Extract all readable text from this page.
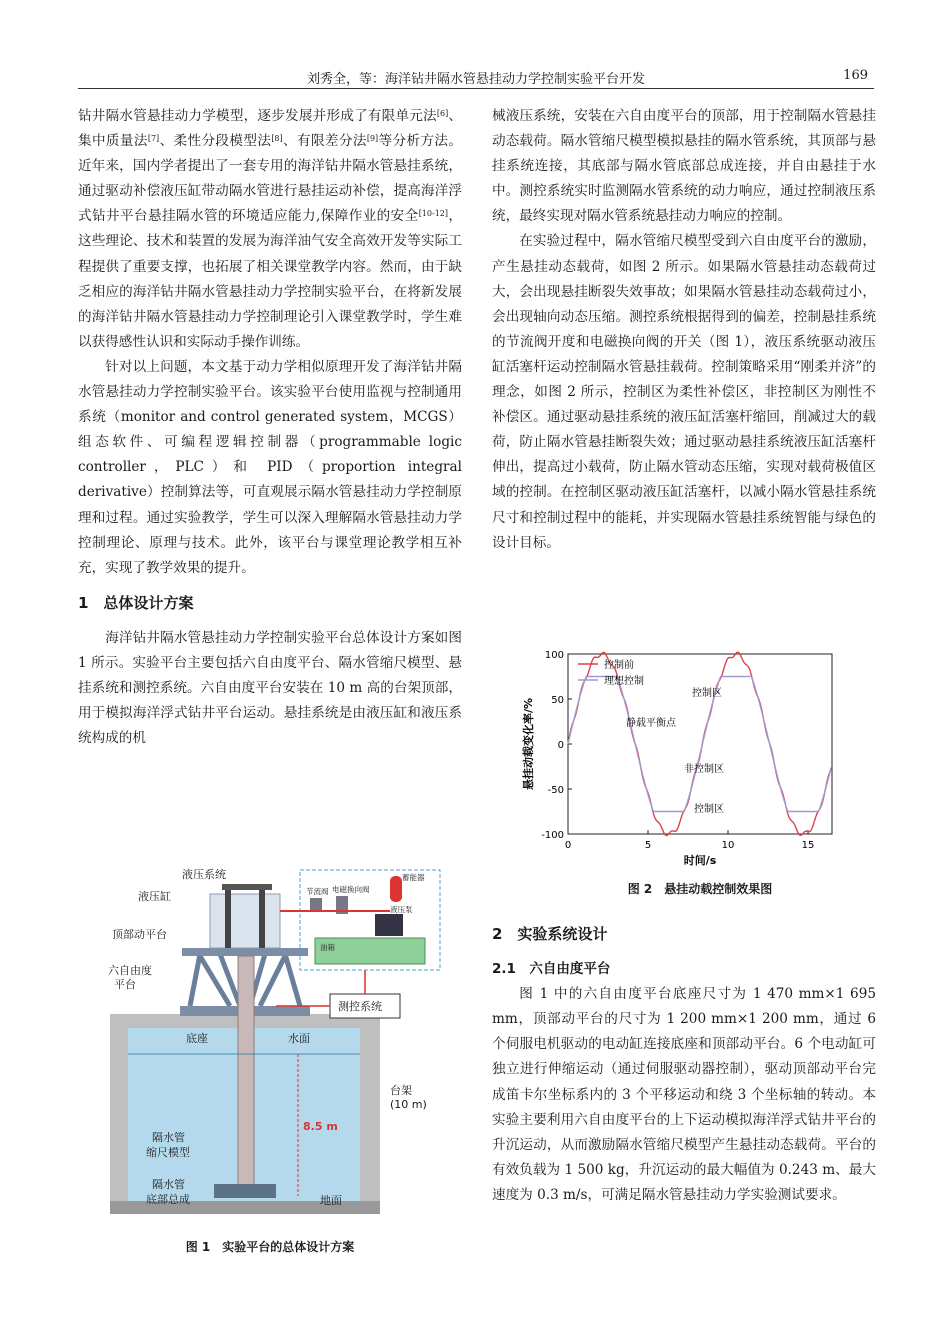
刘秀全，等：海洋钻井隔水管悬挂动力学控制实验平台开发	169

钻井隔水管悬挂动力学模型，逐步发展并形成了有限单元法[6]、集中质量法[7]、柔性分段模型法[8]、有限差分法[9]等分析方法。近年来，国内学者提出了一套专用的海洋钻井隔水管悬挂系统，通过驱动补偿液压缸带动隔水管进行悬挂运动补偿，提高海洋浮式钻井平台悬挂隔水管的环境适应能力,保障作业的安全[10-12]，这些理论、技术和装置的发展为海洋油气安全高效开发等实际工程提供了重要支撑，也拓展了相关课堂教学内容。然而，由于缺乏相应的海洋钻井隔水管悬挂动力学控制实验平台，在将新发展的海洋钻井隔水管悬挂动力学控制理论引入课堂教学时，学生难以获得感性认识和实际动手操作训练。

针对以上问题，本文基于动力学相似原理开发了海洋钻井隔水管悬挂动力学控制实验平台。该实验平台使用监视与控制通用系统（monitor and control generated system，MCGS）组态软件、可编程逻辑控制器（programmable logic controller，PLC）和 PID（proportion integral derivative）控制算法等，可直观展示隔水管悬挂动力学控制原理和过程。通过实验教学，学生可以深入理解隔水管悬挂动力学控制理论、原理与技术。此外，该平台与课堂理论教学相互补充，实现了教学效果的提升。

1　总体设计方案

海洋钻井隔水管悬挂动力学控制实验平台总体设计方案如图 1 所示。实验平台主要包括六自由度平台、隔水管缩尺模型、悬挂系统和测控系统。六自由度平台安装在 10 m 高的台架顶部，用于模拟海洋浮式钻井平台运动。悬挂系统是由液压缸和液压系统构成的机

械液压系统，安装在六自由度平台的顶部，用于控制隔水管悬挂动态载荷。隔水管缩尺模型模拟悬挂的隔水管系统，其顶部与悬挂系统连接，其底部与隔水管底部总成连接，并自由悬挂于水中。测控系统实时监测隔水管系统的动力响应，通过控制液压系统，最终实现对隔水管系统悬挂动力响应的控制。

在实验过程中，隔水管缩尺模型受到六自由度平台的激励，产生悬挂动态载荷，如图 2 所示。如果隔水管悬挂动态载荷过大，会出现悬挂断裂失效事故；如果隔水管悬挂动态载荷过小，会出现轴向动态压缩。测控系统根据得到的偏差，控制悬挂系统的节流阀开度和电磁换向阀的开关（图 1），液压系统驱动液压缸活塞杆运动控制隔水管悬挂载荷。控制策略采用“刚柔并济”的理念，如图 2 所示，控制区为柔性补偿区，非控制区为刚性不补偿区。通过驱动悬挂系统的液压缸活塞杆缩回，削减过大的载荷，防止隔水管悬挂断裂失效；通过驱动悬挂系统液压缸活塞杆伸出，提高过小载荷，防止隔水管动态压缩，实现对载荷极值区域的控制。在控制区驱动液压缸活塞杆，以减小隔水管悬挂系统尺寸和控制过程中的能耗，并实现隔水管悬挂系统智能与绿色的设计目标。

0	5	10	15
-100
-50
0
50
100
时间/s
悬挂动载变化率/%
控制前
理想控制
控制区
静载平衡点
非控制区
控制区
图 2　悬挂动载控制效果图

2　实验系统设计

2.1　六自由度平台

图 1 中的六自由度平台底座尺寸为 1 470 mm×1 695 mm，顶部动平台的尺寸为 1 200 mm×1 200 mm，通过 6 个伺服电机驱动的电动缸连接底座和顶部动平台。6 个电动缸可独立进行伸缩运动（通过伺服驱动器控制），驱动顶部动平台完成笛卡尔坐标系内的 3 个平移运动和绕 3 个坐标轴的转动。本实验主要利用六自由度平台的上下运动模拟海洋浮式钻井平台的升沉运动，从而激励隔水管缩尺模型产生悬挂动态载荷。平台的有效负载为 1 500 kg，升沉运动的最大幅值为 0.243 m、最大速度为 0.3 m/s，可满足隔水管悬挂动力学实验测试要求。

8.5 m
液压系统
液压缸
顶部动平台
六自由度
平台
底座	水面
隔水管
缩尺模型
隔水管
底部总成	地面
台架
(10 m)
测控系统
蓄能器
节流阀 电磁换向阀
液压泵
油箱
图 1　实验平台的总体设计方案
